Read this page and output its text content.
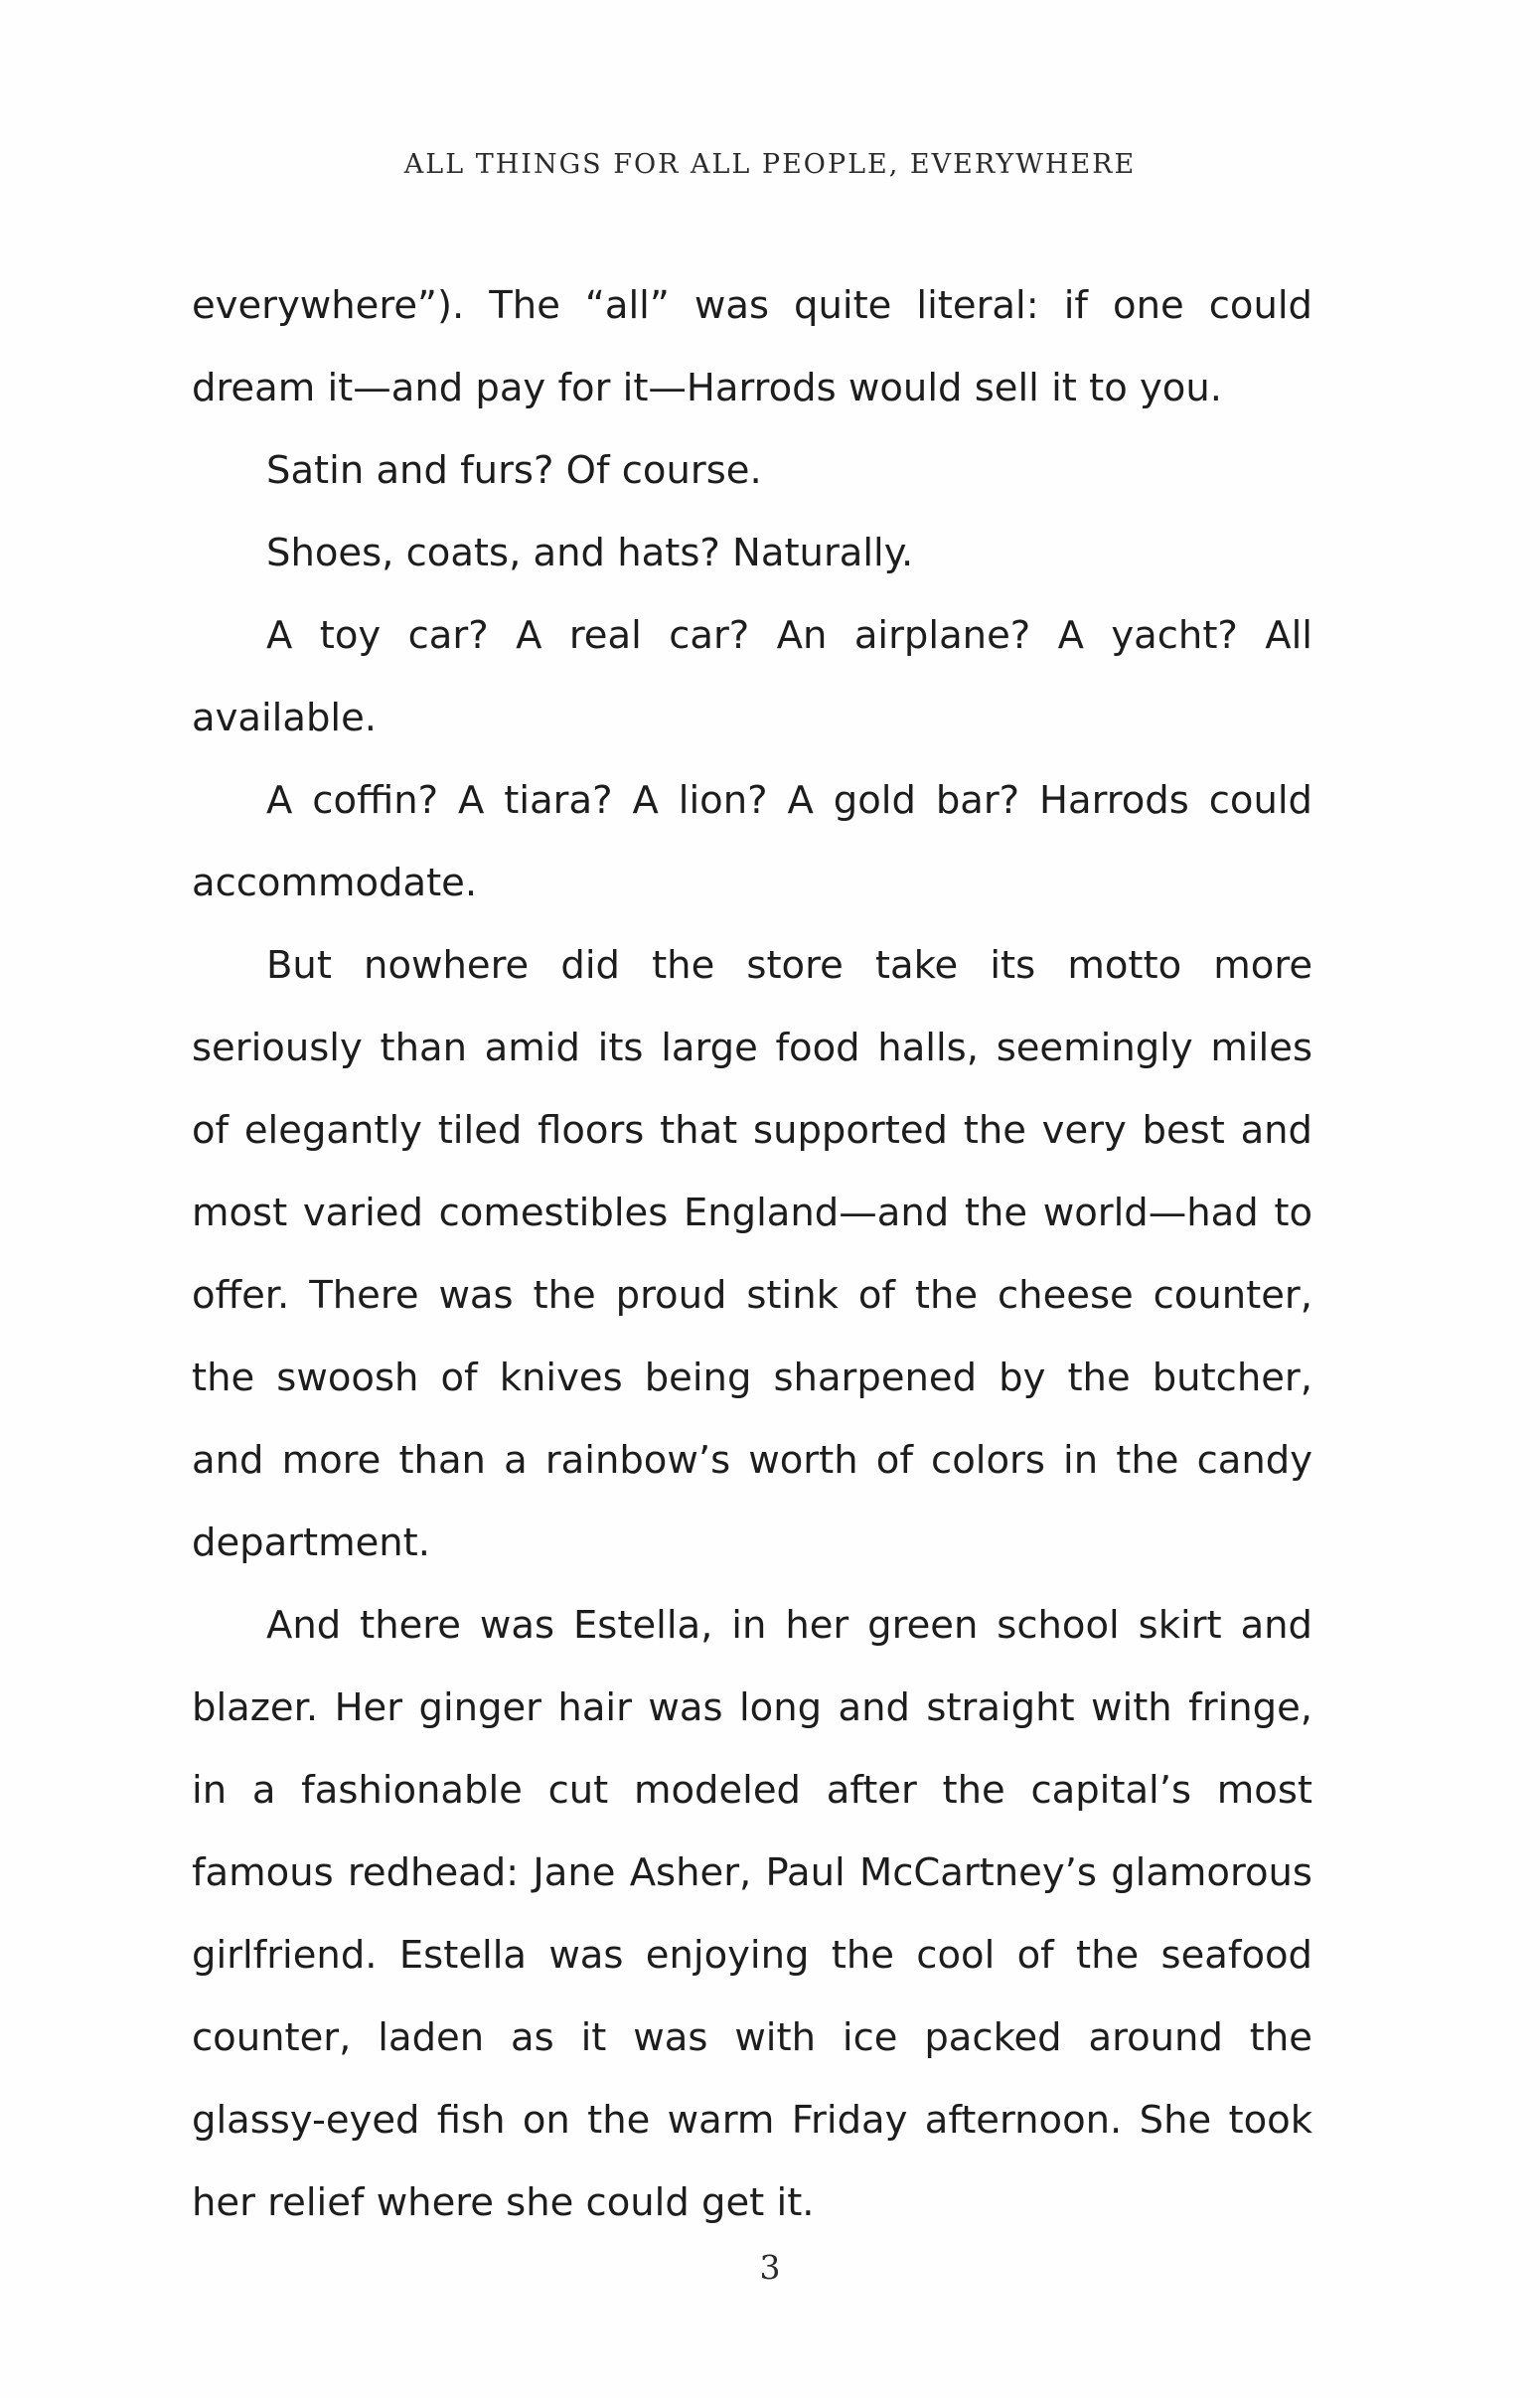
ALL THINGS FOR ALL PEOPLE, EVERYWHERE

everywhere”). The “all” was quite literal: if one could dream it—and pay for it—Harrods would sell it to you.

Satin and furs? Of course.

Shoes, coats, and hats? Naturally.

A toy car? A real car? An airplane? A yacht? All available.

A coffin? A tiara? A lion? A gold bar? Harrods could accommodate.

But nowhere did the store take its motto more seriously than amid its large food halls, seemingly miles of elegantly tiled floors that supported the very best and most varied comestibles England—and the world—had to offer. There was the proud stink of the cheese counter, the swoosh of knives being sharpened by the butcher, and more than a rainbow’s worth of colors in the candy department.

And there was Estella, in her green school skirt and blazer. Her ginger hair was long and straight with fringe, in a fashionable cut modeled after the capital’s most famous redhead: Jane Asher, Paul McCartney’s glamorous girlfriend. Estella was enjoying the cool of the seafood counter, laden as it was with ice packed around the glassy-eyed fish on the warm Friday afternoon. She took her relief where she could get it.

3
